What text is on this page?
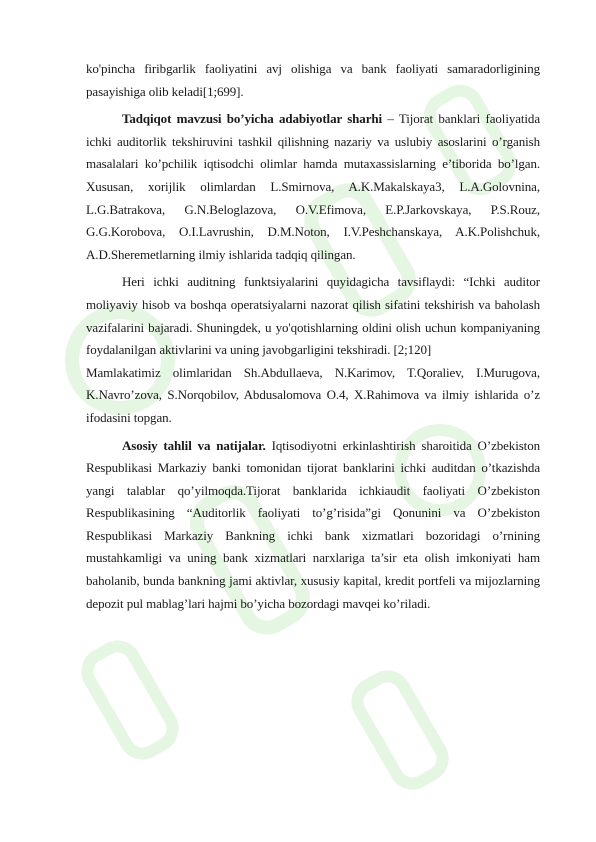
ko'pincha firibgarlik faoliyatini avj olishiga va bank faoliyati samaradorligining pasayishiga olib keladi[1;699].

Tadqiqot mavzusi bo’yicha adabiyotlar sharhi – Tijorat banklari faoliyatida ichki auditorlik tekshiruvini tashkil qilishning nazariy va uslubiy asoslarini o’rganish masalalari ko’pchilik iqtisodchi olimlar hamda mutaxassislarning e’tiborida bo’lgan. Xususan, xorijlik olimlardan L.Smirnova, A.K.Makalskaya3, L.A.Golovnina, L.G.Batrakova, G.N.Beloglazova, O.V.Efimova, E.P.Jarkovskaya, P.S.Rouz, G.G.Korobova, O.I.Lavrushin, D.M.Noton, I.V.Peshchanskaya, A.K.Polishchuk, A.D.Sheremetlarning ilmiy ishlarida tadqiq qilingan.

Heri ichki auditning funktsiyalarini quyidagicha tavsiflaydi: “Ichki auditor moliyaviy hisob va boshqa operatsiyalarni nazorat qilish sifatini tekshirish va baholash vazifalarini bajaradi. Shuningdek, u yo'qotishlarning oldini olish uchun kompaniyaning foydalanilgan aktivlarini va uning javobgarligini tekshiradi. [2;120]

Mamlakatimiz olimlaridan Sh.Abdullaeva, N.Karimov, T.Qoraliev, I.Murugova, K.Navro’zova, S.Norqobilov, Abdusalomova O.4, X.Rahimova va ilmiy ishlarida o’z ifodasini topgan.

Asosiy tahlil va natijalar. Iqtisodiyotni erkinlashtirish sharoitida O’zbekiston Respublikasi Markaziy banki tomonidan tijorat banklarini ichki auditdan o’tkazishda yangi talablar qo’yilmoqda.Tijorat banklarida ichkiaudit faoliyati O’zbekiston Respublikasining “Auditorlik faoliyati to’g’risida”gi Qonunini va O’zbekiston Respublikasi Markaziy Bankning ichki bank xizmatlari bozoridagi o’rnining mustahkamligi va uning bank xizmatlari narxlariga ta’sir eta olish imkoniyati ham baholanib, bunda bankning jami aktivlar, xususiy kapital, kredit portfeli va mijozlarning depozit pul mablag’lari hajmi bo’yicha bozordagi mavqei ko’riladi.
